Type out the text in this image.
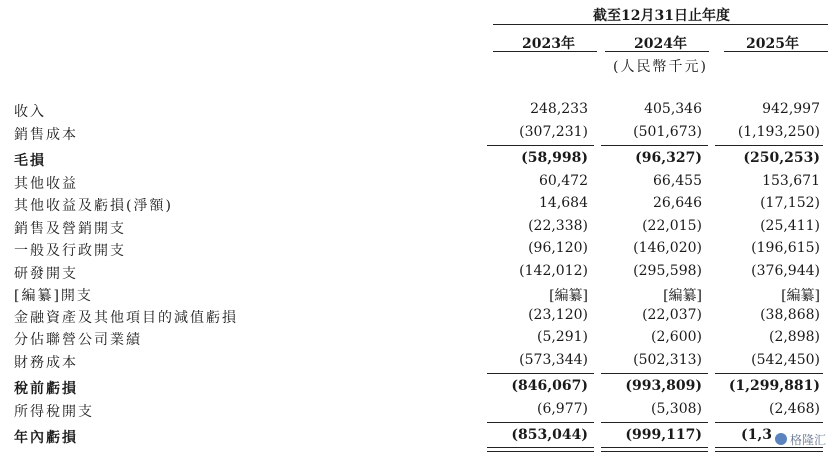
截至12月31日止年度
2023年	2024年	2025年
(人民幣千元)
收入	248,233	405,346	942,997
銷售成本	(307,231)	(501,673)	(1,193,250)
毛損	(58,998)	(96,327)	(250,253)
其他收益	60,472	66,455	153,671
其他收益及虧損(淨額)	14,684	26,646	(17,152)
銷售及營銷開支	(22,338)	(22,015)	(25,411)
一般及行政開支	(96,120)	(146,020)	(196,615)
研發開支	(142,012)	(295,598)	(376,944)
[編纂]開支	[編纂]	[編纂]	[編纂]
金融資產及其他項目的減值虧損	(23,120)	(22,037)	(38,868)
分佔聯營公司業績	(5,291)	(2,600)	(2,898)
財務成本	(573,344)	(502,313)	(542,450)
稅前虧損	(846,067)	(993,809) (1,299,881)
所得稅開支	(6,977)	(5,308)	(2,468)
年內虧損	(853,044)	(999,117)	(1,3 格隆汇
